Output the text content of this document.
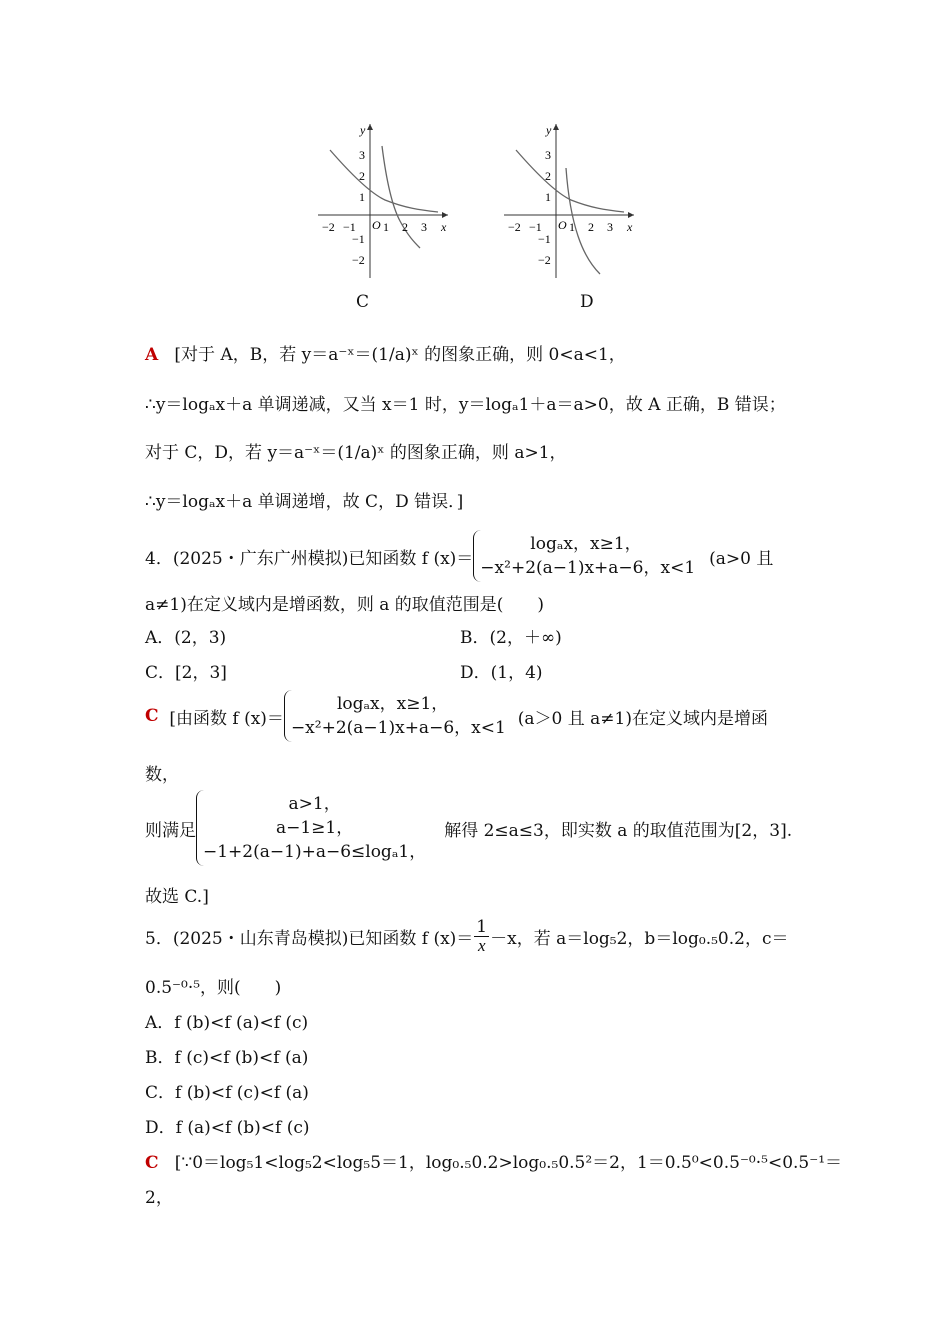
y
x
O
3
2
1
−1
−2
−2 −1 1 2 3
y
x
O
3
2
1
−1
−2
−2 −1 1 2 3
C	D
A [对于 A，B，若 y＝a⁻ˣ＝(1/a)ˣ 的图象正确，则 0<a<1，
∴y＝logₐx＋a 单调递减，又当 x＝1 时，y＝logₐ1＋a＝a>0，故 A 正确，B 错误；
对于 C，D，若 y＝a⁻ˣ＝(1/a)ˣ 的图象正确，则 a>1，
∴y＝logₐx＋a 单调递增，故 C，D 错误．]
4．(2025・广东广州模拟)已知函数 f (x)＝
logₐx，x≥1，
−x²+2(a−1)x+a−6，x<1 (a>0 且
a≠1)在定义域内是增函数，则 a 的取值范围是(　　)
A．(2，3)	B．(2，＋∞)
C．[2，3]	D．(1，4)
C
[由函数 f (x)＝
logₐx，x≥1，
−x²+2(a−1)x+a−6，x<1 (a＞0 且 a≠1)在定义域内是增函
数，
则满足
a>1，
a−1≥1，
−1+2(a−1)+a−6≤logₐ1，
解得 2≤a≤3，即实数 a 的取值范围为[2，3].
故选 C.]
5．(2025・山东青岛模拟)已知函数 f $(x)= \frac{1}{x} -x$，若 a＝log₅2，b＝log₀.₅0.2，c＝
0.5⁻⁰·⁵，则(　　)
A．f (b)<f (a)<f (c)
B．f (c)<f (b)<f (a)
C．f (b)<f (c)<f (a)
D．f (a)<f (b)<f (c)
C [∵0＝log₅1<log₅2<log₅5＝1，log₀.₅0.2>log₀.₅0.5²＝2，1＝0.5⁰<0.5⁻⁰·⁵<0.5⁻¹＝
2，
